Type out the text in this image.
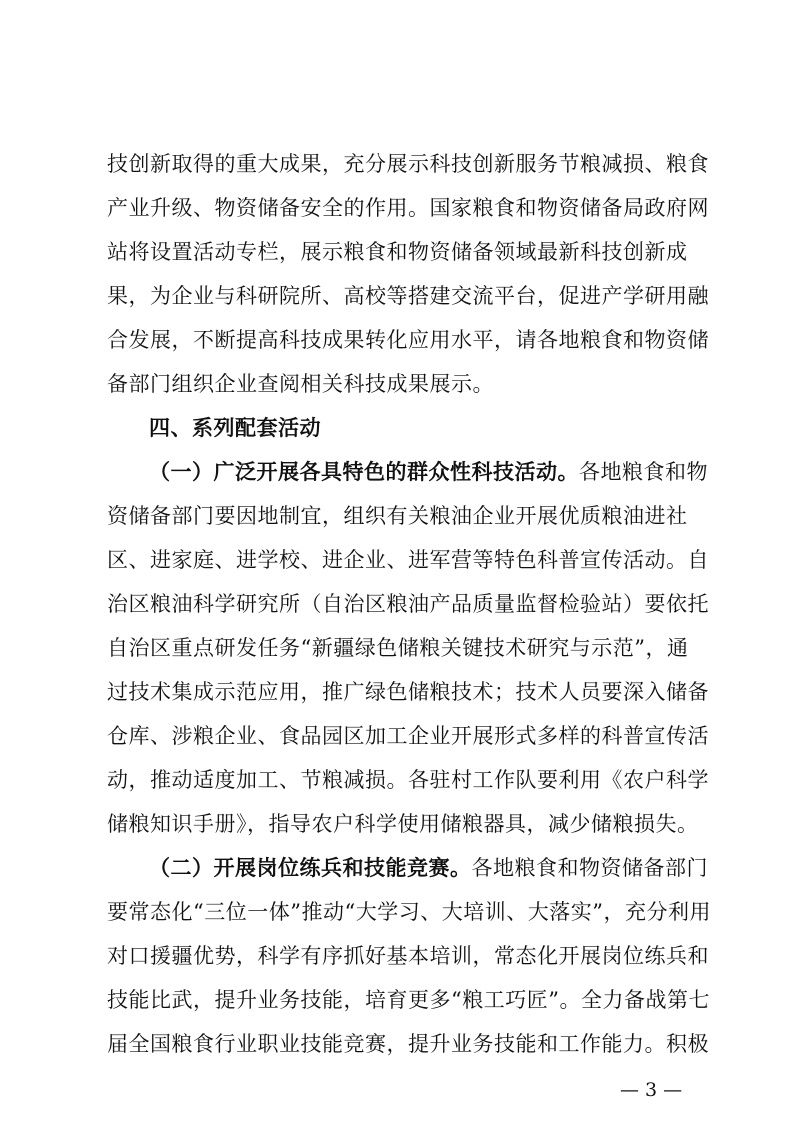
技创新取得的重大成果，充分展示科技创新服务节粮减损、粮食
产业升级、物资储备安全的作用。国家粮食和物资储备局政府网
站将设置活动专栏，展示粮食和物资储备领域最新科技创新成
果，为企业与科研院所、高校等搭建交流平台，促进产学研用融
合发展，不断提高科技成果转化应用水平，请各地粮食和物资储
备部门组织企业查阅相关科技成果展示。
四、系列配套活动
（一）广泛开展各具特色的群众性科技活动。各地粮食和物
资储备部门要因地制宜，组织有关粮油企业开展优质粮油进社
区、进家庭、进学校、进企业、进军营等特色科普宣传活动。自
治区粮油科学研究所（自治区粮油产品质量监督检验站）要依托
自治区重点研发任务“新疆绿色储粮关键技术研究与示范”，通
过技术集成示范应用，推广绿色储粮技术；技术人员要深入储备
仓库、涉粮企业、食品园区加工企业开展形式多样的科普宣传活
动，推动适度加工、节粮减损。各驻村工作队要利用《农户科学
储粮知识手册》，指导农户科学使用储粮器具，减少储粮损失。
（二）开展岗位练兵和技能竞赛。各地粮食和物资储备部门
要常态化“三位一体”推动“大学习、大培训、大落实”，充分利用
对口援疆优势，科学有序抓好基本培训，常态化开展岗位练兵和
技能比武，提升业务技能，培育更多“粮工巧匠”。全力备战第七
届全国粮食行业职业技能竞赛，提升业务技能和工作能力。积极
— 3 —
